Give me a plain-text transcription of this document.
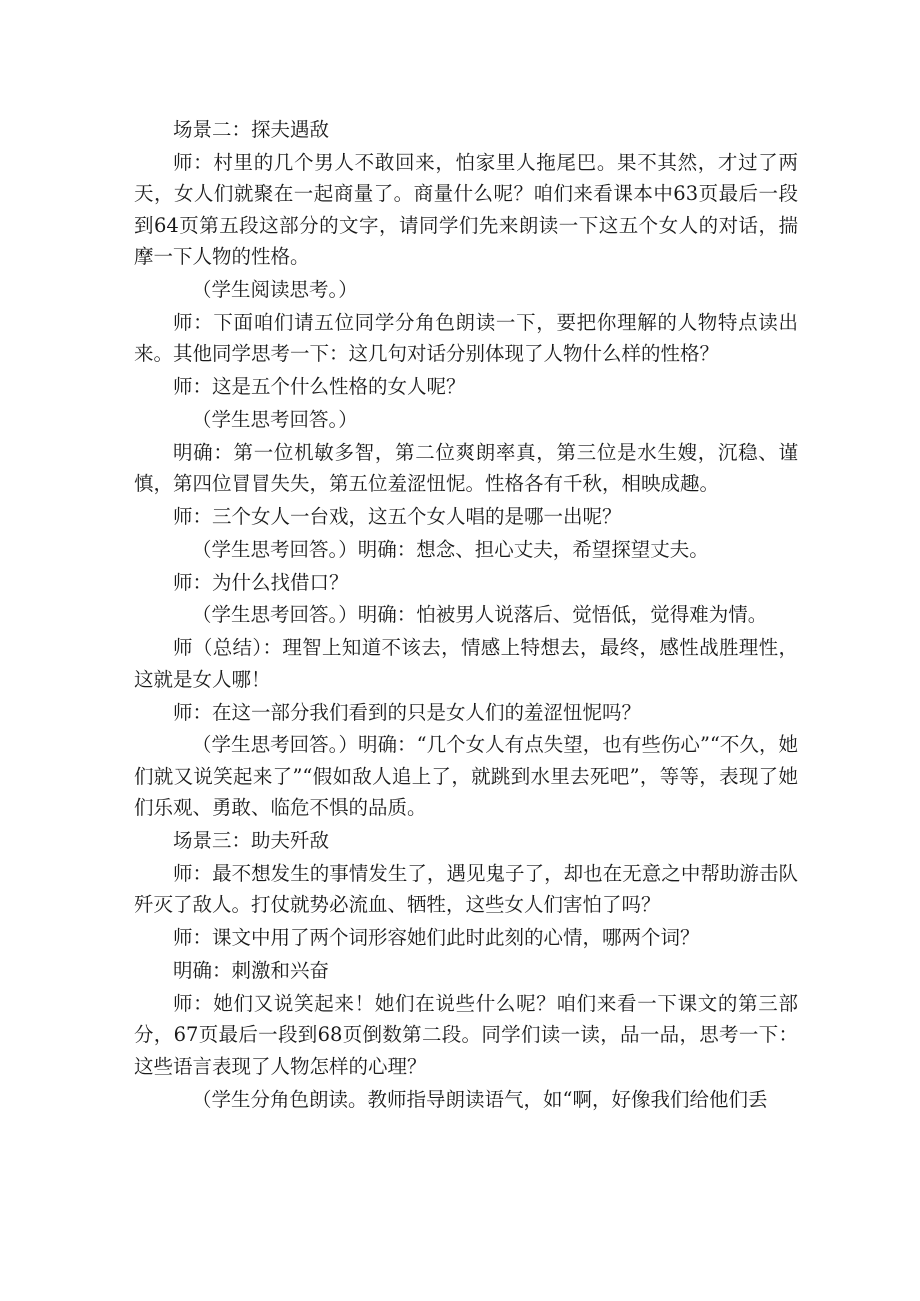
场景二：探夫遇敌

师：村里的几个男人不敢回来，怕家里人拖尾巴。果不其然，才过了两天，女人们就聚在一起商量了。商量什么呢？咱们来看课本中63页最后一段到64页第五段这部分的文字，请同学们先来朗读一下这五个女人的对话，揣摩一下人物的性格。

（学生阅读思考。）

师：下面咱们请五位同学分角色朗读一下，要把你理解的人物特点读出来。其他同学思考一下：这几句对话分别体现了人物什么样的性格？

师：这是五个什么性格的女人呢？

（学生思考回答。）

明确：第一位机敏多智，第二位爽朗率真，第三位是水生嫂，沉稳、谨慎，第四位冒冒失失，第五位羞涩忸怩。性格各有千秋，相映成趣。

师：三个女人一台戏，这五个女人唱的是哪一出呢？

（学生思考回答。）明确：想念、担心丈夫，希望探望丈夫。

师：为什么找借口？

（学生思考回答。）明确：怕被男人说落后、觉悟低，觉得难为情。

师（总结）：理智上知道不该去，情感上特想去，最终，感性战胜理性，这就是女人哪！

师：在这一部分我们看到的只是女人们的羞涩忸怩吗？

（学生思考回答。）明确：“几个女人有点失望，也有些伤心”“不久，她们就又说笑起来了”“假如敌人追上了，就跳到水里去死吧”，等等，表现了她们乐观、勇敢、临危不惧的品质。

场景三：助夫歼敌

师：最不想发生的事情发生了，遇见鬼子了，却也在无意之中帮助游击队歼灭了敌人。打仗就势必流血、牺牲，这些女人们害怕了吗？

师：课文中用了两个词形容她们此时此刻的心情，哪两个词？

明确：刺激和兴奋

师：她们又说笑起来！她们在说些什么呢？咱们来看一下课文的第三部分，67页最后一段到68页倒数第二段。同学们读一读，品一品，思考一下：这些语言表现了人物怎样的心理？

（学生分角色朗读。教师指导朗读语气，如“啊，好像我们给他们丢
